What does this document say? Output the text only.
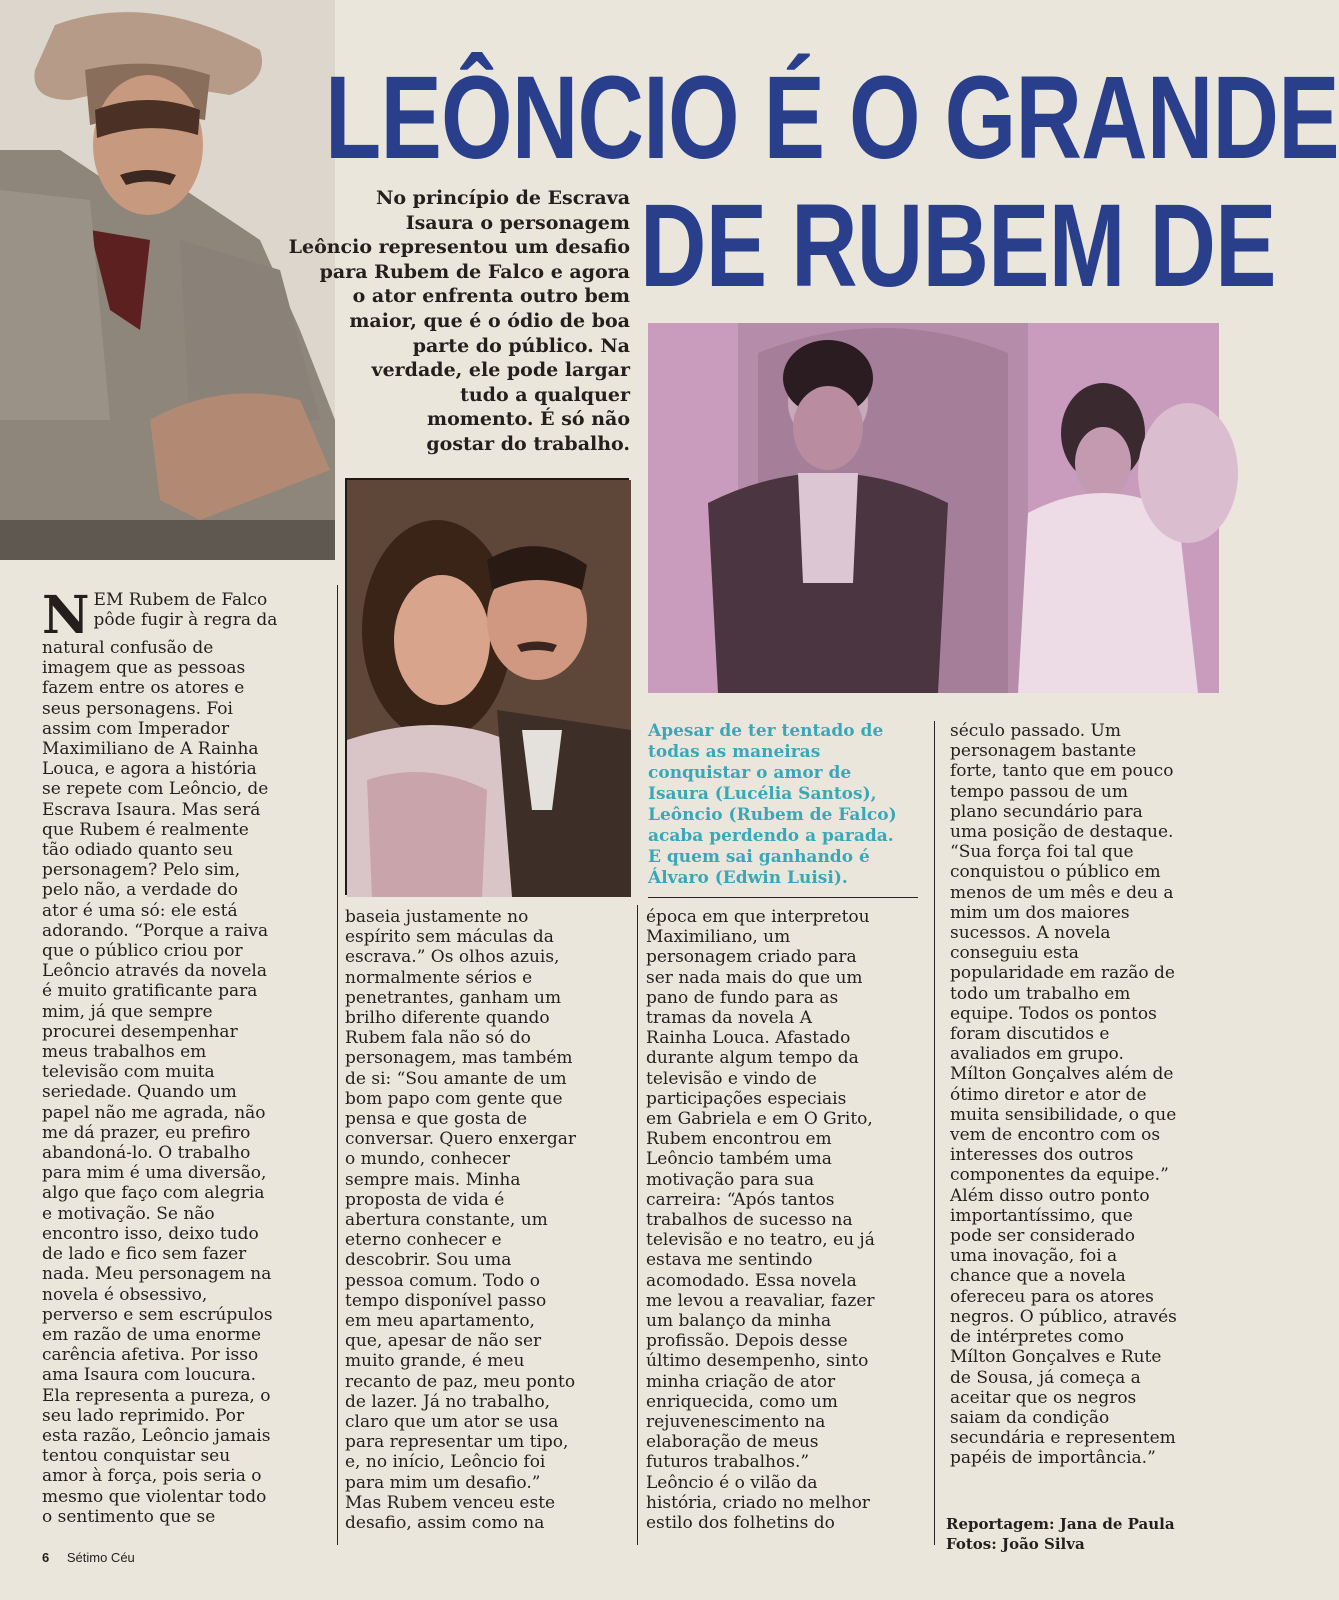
LEÔNCIO É O GRANDE
DE RUBEM DE
No princípio de Escrava
Isaura o personagem
Leôncio representou um desafio
para Rubem de Falco e agora
o ator enfrenta outro bem
maior, que é o ódio de boa
parte do público. Na
verdade, ele pode largar
tudo a qualquer
momento. É só não
gostar do trabalho.
Apesar de ter tentado de
todas as maneiras
conquistar o amor de
Isaura (Lucélia Santos),
Leôncio (Rubem de Falco)
acaba perdendo a parada.
E quem sai ganhando é
Álvaro (Edwin Luisi).
N EM Rubem de Falco
pôde fugir à regra da
natural confusão de
imagem que as pessoas
fazem entre os atores e
seus personagens. Foi
assim com Imperador
Maximiliano de A Rainha
Louca, e agora a história
se repete com Leôncio, de
Escrava Isaura. Mas será
que Rubem é realmente
tão odiado quanto seu
personagem? Pelo sim,
pelo não, a verdade do
ator é uma só: ele está
adorando. “Porque a raiva
que o público criou por
Leôncio através da novela
é muito gratificante para
mim, já que sempre
procurei desempenhar
meus trabalhos em
televisão com muita
seriedade. Quando um
papel não me agrada, não
me dá prazer, eu prefiro
abandoná-lo. O trabalho
para mim é uma diversão,
algo que faço com alegria
e motivação. Se não
encontro isso, deixo tudo
de lado e fico sem fazer
nada. Meu personagem na
novela é obsessivo,
perverso e sem escrúpulos
em razão de uma enorme
carência afetiva. Por isso
ama Isaura com loucura.
Ela representa a pureza, o
seu lado reprimido. Por
esta razão, Leôncio jamais
tentou conquistar seu
amor à força, pois seria o
mesmo que violentar todo
o sentimento que se
baseia justamente no
espírito sem máculas da
escrava.” Os olhos azuis,
normalmente sérios e
penetrantes, ganham um
brilho diferente quando
Rubem fala não só do
personagem, mas também
de si: “Sou amante de um
bom papo com gente que
pensa e que gosta de
conversar. Quero enxergar
o mundo, conhecer
sempre mais. Minha
proposta de vida é
abertura constante, um
eterno conhecer e
descobrir. Sou uma
pessoa comum. Todo o
tempo disponível passo
em meu apartamento,
que, apesar de não ser
muito grande, é meu
recanto de paz, meu ponto
de lazer. Já no trabalho,
claro que um ator se usa
para representar um tipo,
e, no início, Leôncio foi
para mim um desafio.”
Mas Rubem venceu este
desafio, assim como na
época em que interpretou
Maximiliano, um
personagem criado para
ser nada mais do que um
pano de fundo para as
tramas da novela A
Rainha Louca. Afastado
durante algum tempo da
televisão e vindo de
participações especiais
em Gabriela e em O Grito,
Rubem encontrou em
Leôncio também uma
motivação para sua
carreira: “Após tantos
trabalhos de sucesso na
televisão e no teatro, eu já
estava me sentindo
acomodado. Essa novela
me levou a reavaliar, fazer
um balanço da minha
profissão. Depois desse
último desempenho, sinto
minha criação de ator
enriquecida, como um
rejuvenescimento na
elaboração de meus
futuros trabalhos.”
Leôncio é o vilão da
história, criado no melhor
estilo dos folhetins do
século passado. Um
personagem bastante
forte, tanto que em pouco
tempo passou de um
plano secundário para
uma posição de destaque.
“Sua força foi tal que
conquistou o público em
menos de um mês e deu a
mim um dos maiores
sucessos. A novela
conseguiu esta
popularidade em razão de
todo um trabalho em
equipe. Todos os pontos
foram discutidos e
avaliados em grupo.
Mílton Gonçalves além de
ótimo diretor e ator de
muita sensibilidade, o que
vem de encontro com os
interesses dos outros
componentes da equipe.”
Além disso outro ponto
importantíssimo, que
pode ser considerado
uma inovação, foi a
chance que a novela
ofereceu para os atores
negros. O público, através
de intérpretes como
Mílton Gonçalves e Rute
de Sousa, já começa a
aceitar que os negros
saiam da condição
secundária e representem
papéis de importância.”
Reportagem: Jana de Paula
Fotos: João Silva
6 Sétimo Céu
